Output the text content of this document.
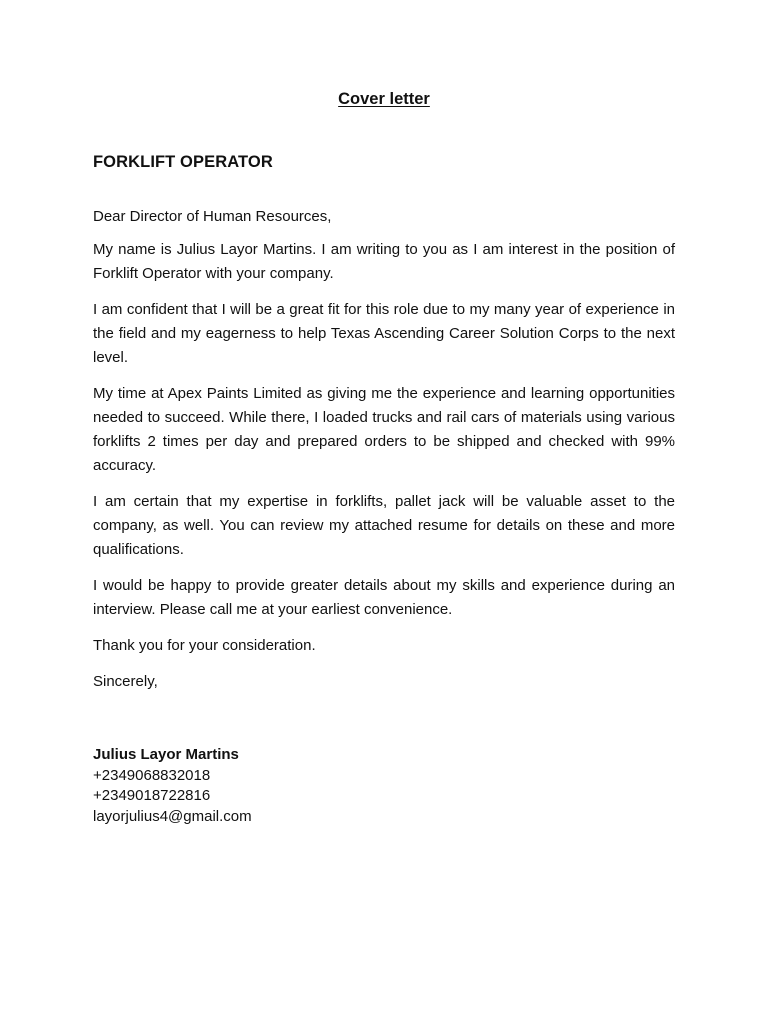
Cover letter
FORKLIFT OPERATOR

Dear Director of Human Resources,

My name is Julius Layor Martins. I am writing to you as I am interest in the position of Forklift Operator with your company.

I am confident that I will be a great fit for this role due to my many year of experience in the field and my eagerness to help Texas Ascending Career Solution Corps to the next level.

My time at Apex Paints Limited as giving me the experience and learning opportunities needed to succeed. While there, I loaded trucks and rail cars of materials using various forklifts 2 times per day and prepared orders to be shipped and checked with 99% accuracy.

I am certain that my expertise in forklifts, pallet jack will be valuable asset to the company, as well. You can review my attached resume for details on these and more qualifications.

I would be happy to provide greater details about my skills and experience during an interview. Please call me at your earliest convenience.

Thank you for your consideration.

Sincerely,

Julius Layor Martins
+2349068832018
+2349018722816
layorjulius4@gmail.com
